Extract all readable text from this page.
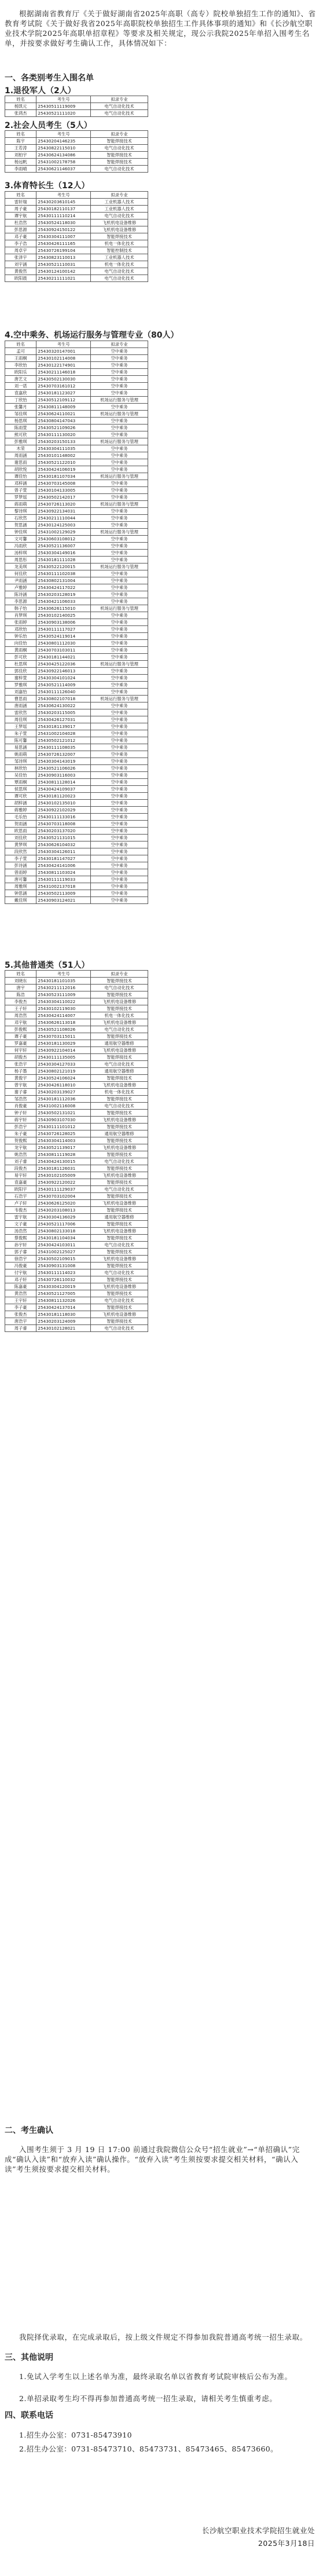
根据湖南省教育厅《关于做好湖南省2025年高职（高专）院校单独招生工作的通知》、省教育考试院《关于做好我省2025年高职院校单独招生工作具体事项的通知》和《长沙航空职业技术学院2025年高职单招章程》等要求及相关规定，现公示我院2025年单招入围考生名单，并按要求做好考生确认工作，具体情况如下：

一、各类别考生入围名单
1.退役军人（2人）
姓名	考生号	拟录专业
杨凯元	25430511119009	电气自动化技术
张鸿杰	25430521111020	电气自动化技术
2.社会人员考生（5人）
姓名	考生号	拟录专业
陈宇	25430204146235	智能焊接技术
王若涛	25430822115010	电气自动化技术
刘柏宇	25430624134086	智能焊接技术
杨远帆	25431002178758	智能焊接技术
李雨晴	25430621146037	电气自动化技术
3.体育特长生（12人）
姓名	考生号	拟录专业
雷轩瑞	25430203610145	工业机器人技术
周子豪	25430182110137	工业机器人技术
谭宇航	25430111110214	电气自动化技术
杜浩然	25430524118030	飞机机电设备维修
彭思源	25430924150122	飞机机电设备维修
邓子豪	25430304111007	智能焊接技术
李子浩	25430426111165	机电一体化技术
周卓宇	25430726199104	智能控制技术
张泽宇	25430823110013	工业机器人技术
刘宇涵	25430521110031	机电一体化技术
黄俊然	25430124100142	电气自动化技术
欧阳晨	25430211111021	电气自动化技术
4.空中乘务、机场运行服务与管理专业（80人）
姓名	考生号	拟录专业
孟可	25430320147001	空中乘务
王雨桐	25430102114008	空中乘务
李欣怡	25430122174901	空中乘务
欧阳乐	25430211146018	空中乘务
唐艺文	25430502130030	空中乘务
刘一诺	25430703161012	空中乘务
袁嘉欣	25430181123027	空中乘务
丁欣怡	25430512109112	机场运行服务与管理
张馨月	25430811148009	空中乘务
邹佳琪	25430624110021	机场运行服务与管理
杨思琪	25430804147043	空中乘务
陈雨萱	25430521109026	空中乘务
熊可欣	25430111130020	空中乘务
彭雅琪	25430203150133	机场运行服务与管理
木荣	25430304111035	空中乘务
周雨涵	25430101148002	空中乘务
谢思雨	25430521122010	空中乘务
胡欣悦	25430424106019	空中乘务
谭佳怡	25430181107034	机场运行服务与管理
邓梓涵	25430703145008	空中乘务
曾子萱	25430104133005	空中乘务
罗梦瑶	25430502142017	空中乘务
蒋雨萌	25430726113020	机场运行服务与管理
黎诗琪	25430922134031	空中乘务
石欣然	25430211110044	空中乘务
贺思涵	25430124125003	空中乘务
钟佳琪	25431002129029	机场运行服务与管理
文可馨	25430603108012	空中乘务
冯雨欣	25430521136007	空中乘务
汤梓琪	25430304149016	空中乘务
周思彤	25430181111028	空中乘务
龙美琪	25430522120015	机场运行服务与管理
何佳欣	25430111102038	空中乘务
尹雨涵	25430802131004	空中乘务
卢雅婷	25430424117022	空中乘务
陈诗涵	25430203128019	空中乘务
李思源	25430421106033	空中乘务
韩子怡	25430626115010	机场运行服务与管理
肖梦琪	25430102140025	空中乘务
张雨婷	25430903138006	空中乘务
邓欣怡	25430111117027	空中乘务
钟乐怡	25430524119014	空中乘务
向佳怡	25430801112030	空中乘务
黄雨桐	25430703103011	空中乘务
彭可欣	25430181144021	空中乘务
杜思琪	25430425122036	机场运行服务与管理
郭佳欣	25430922146013	空中乘务
谢梓萱	25430304101024	空中乘务
罗雅琪	25430521114009	空中乘务
刘嘉怡	25430111126040	空中乘务
曹思雨	25430802107018	机场运行服务与管理
唐雨涵	25430624130022	空中乘务
雷欣然	25430203115005	空中乘务
周佳琪	25430426127031	空中乘务
王梦瑶	25430181139017	空中乘务
朱子萱	25431002104028	空中乘务
陈可馨	25430502121012	空中乘务
易思涵	25430111108035	空中乘务
姚雨萌	25430726132007	空中乘务
邹诗琪	25430304143019	空中乘务
林欣怡	25430521106026	空中乘务
吴佳怡	25430903116003	空中乘务
覃雨桐	25430811128014	空中乘务
侯思琪	25430424109037	空中乘务
谭可欣	25430181120023	空中乘务
胡梓涵	25430102135010	空中乘务
蒋雅婷	25430922102029	空中乘务
毛乐怡	25430111133016	空中乘务
贺雨涵	25430703118008	空中乘务
欧思雨	25430203137020	空中乘务
刘佳欣	25430521131015	空中乘务
黄梦琪	25430626104032	空中乘务
段欣然	25430304126011	空中乘务
李子萱	25430181147027	空中乘务
彭诗涵	25430424141006	空中乘务
曾雨婷	25430811103024	空中乘务
唐可馨	25430111119033	空中乘务
周雅琪	25431002137018	空中乘务
钟思涵	25430502113009	空中乘务
戴佳琪	25430903124021	空中乘务
5.其他普通类（51人）
姓名	考生号	拟录专业
刘晓东	25430181101035	智能焊接技术
唐宇	25430211112016	电气自动化技术
陈浩	25430523111009	智能焊接技术
李俊杰	25430304110022	飞机机电设备维修
王子轩	25430102119030	智能焊接技术
周浩然	25430424114007	机电一体化技术
邓宇航	25430626113018	飞机机电设备维修
彭俊熙	25430521108026	电气自动化技术
谭子豪	25430703115011	智能焊接技术
罗嘉豪	25430181130029	通用航空器维修
何宇轩	25430922104014	飞机机电设备维修
胡俊杰	25430111135005	智能焊接技术
张浩宇	25430304127033	电气自动化技术
杨子墨	25430802121019	通用航空器维修
黄俊宇	25430524106024	智能焊接技术
曾宇航	25430426118010	飞机机电设备维修
谢子睿	25430203139027	机电一体化技术
邹浩然	25430181112036	智能焊接技术
肖俊豪	25431002116008	电气自动化技术
钟子轩	25430502131021	智能焊接技术
蒋宇轩	25430903107030	飞机机电设备维修
彭浩宇	25430111101012	智能焊接技术
朱子豪	25430726128025	通用航空器维修
贺俊熙	25430304114003	智能焊接技术
龙宇航	25430521139017	飞机机电设备维修
姚浩然	25430811119028	智能焊接技术
刘子睿	25430424130015	电气自动化技术
段俊杰	25430181126031	智能焊接技术
易宇轩	25430102105009	飞机机电设备维修
袁嘉豪	25430922120022	智能焊接技术
欧阳宇	25430111129037	电气自动化技术
石浩宇	25430703102004	智能焊接技术
卢子轩	25430626125020	飞机机电设备维修
韦俊杰	25430203108013	智能焊接技术
雷宇航	25430304136029	通用航空器维修
文子豪	25430521117006	智能焊接技术
汤浩然	25430802133018	飞机机电设备维修
蔡俊熙	25430181104034	智能焊接技术
孙宇轩	25430424103011	电气自动化技术
郭子睿	25431002125027	智能焊接技术
徐浩宇	25430502109015	飞机机电设备维修
冯俊豪	25430903131008	智能焊接技术
付宇航	25430111114023	电气自动化技术
邓子轩	25430726110032	智能焊接技术
陈嘉豪	25430304120019	飞机机电设备维修
黄浩然	25430521127005	智能焊接技术
王宇轩	25430811132026	电气自动化技术
李子豪	25430424137014	智能焊接技术
张俊杰	25430181118030	飞机机电设备维修
唐浩宇	25430203124009	智能焊接技术
周子睿	25430102128021	电气自动化技术
二、考生确认

入围考生须于 3 月 19 日 17:00 前通过我院微信公众号“招生就业”→“单招确认”完成“确认入读”和“放弃入读”确认操作。“放弃入读”考生须按要求提交相关材料，“确认入读”考生须按要求提交相关材料。

我院择优录取，在完成录取后，按上级文件规定不得参加我院普通高考统一招生录取。

三、其他说明

1.免试入学考生以上述名单为准，最终录取名单以省教育考试院审核后公布为准。

2.单招录取考生均不得再参加普通高考统一招生录取，请相关考生慎重考虑。

四、联系电话

1.招生办公室：0731-85473910

2.招生办公室：0731-85473710、85473731、85473465、85473660。

长沙航空职业技术学院招生就业处
2025年3月18日
